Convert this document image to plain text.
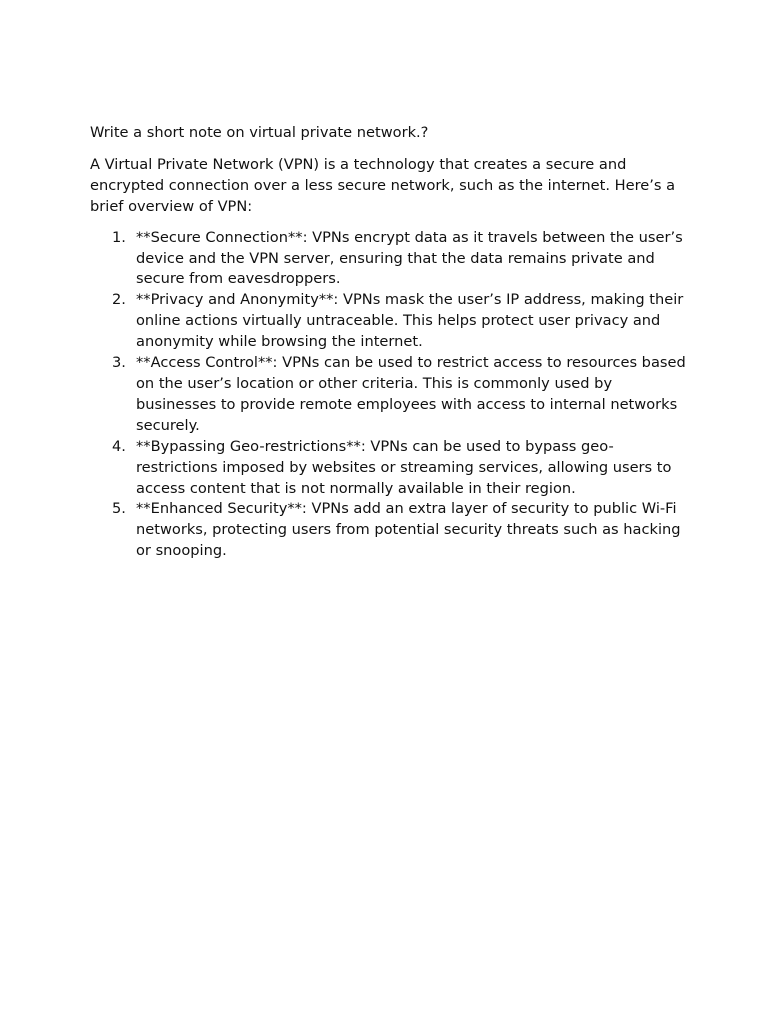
Write a short note on virtual private network.?

A Virtual Private Network (VPN) is a technology that creates a secure and encrypted connection over a less secure network, such as the internet. Here’s a brief overview of VPN:

1. **Secure Connection**: VPNs encrypt data as it travels between the user’s device and the VPN server, ensuring that the data remains private and secure from eavesdroppers.
2. **Privacy and Anonymity**: VPNs mask the user’s IP address, making their online actions virtually untraceable. This helps protect user privacy and anonymity while browsing the internet.
3. **Access Control**: VPNs can be used to restrict access to resources based on the user’s location or other criteria. This is commonly used by businesses to provide remote employees with access to internal networks securely.
4. **Bypassing Geo-restrictions**: VPNs can be used to bypass geo-restrictions imposed by websites or streaming services, allowing users to access content that is not normally available in their region.
5. **Enhanced Security**: VPNs add an extra layer of security to public Wi-Fi networks, protecting users from potential security threats such as hacking or snooping.
